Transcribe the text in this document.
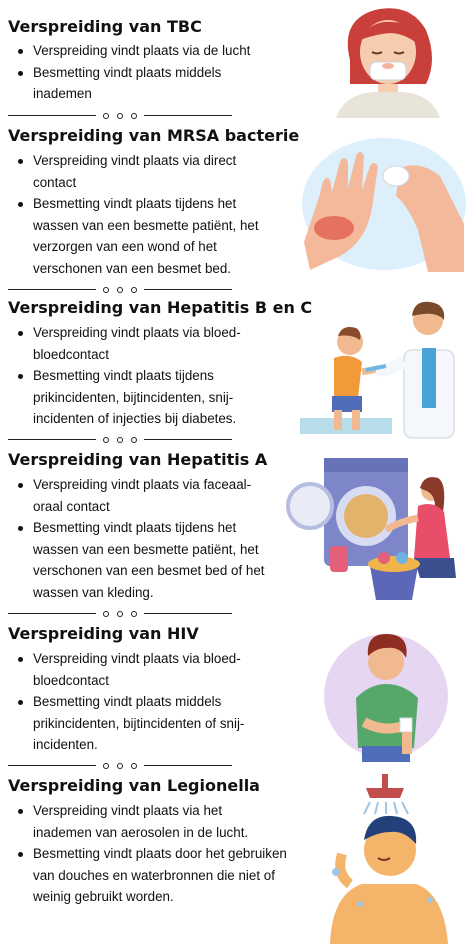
Verspreiding van TBC
Verspreiding vindt plaats via de lucht
Besmetting vindt plaats middels inademen
Verspreiding van MRSA bacterie
Verspreiding vindt plaats via direct contact
Besmetting vindt plaats tijdens het wassen van een besmette patiënt, het verzorgen van een wond of het verschonen van een besmet bed.
Verspreiding van Hepatitis B en C
Verspreiding vindt plaats via bloed-bloedcontact
Besmetting vindt plaats tijdens prikincidenten, bijtincidenten, snij-incidenten of injecties bij diabetes.
Verspreiding van Hepatitis A
Verspreiding vindt plaats via faceaal-oraal contact
Besmetting vindt plaats tijdens het wassen van een besmette patiënt, het verschonen van een besmet bed of het wassen van kleding.
Verspreiding van HIV
Verspreiding vindt plaats via bloed-bloedcontact
Besmetting vindt plaats middels prikincidenten, bijtincidenten of snij-incidenten.
Verspreiding van Legionella
Verspreiding vindt plaats via het inademen van aerosolen in de lucht.
Besmetting vindt plaats door het gebruiken van douches en waterbronnen die niet of weinig gebruikt worden.
